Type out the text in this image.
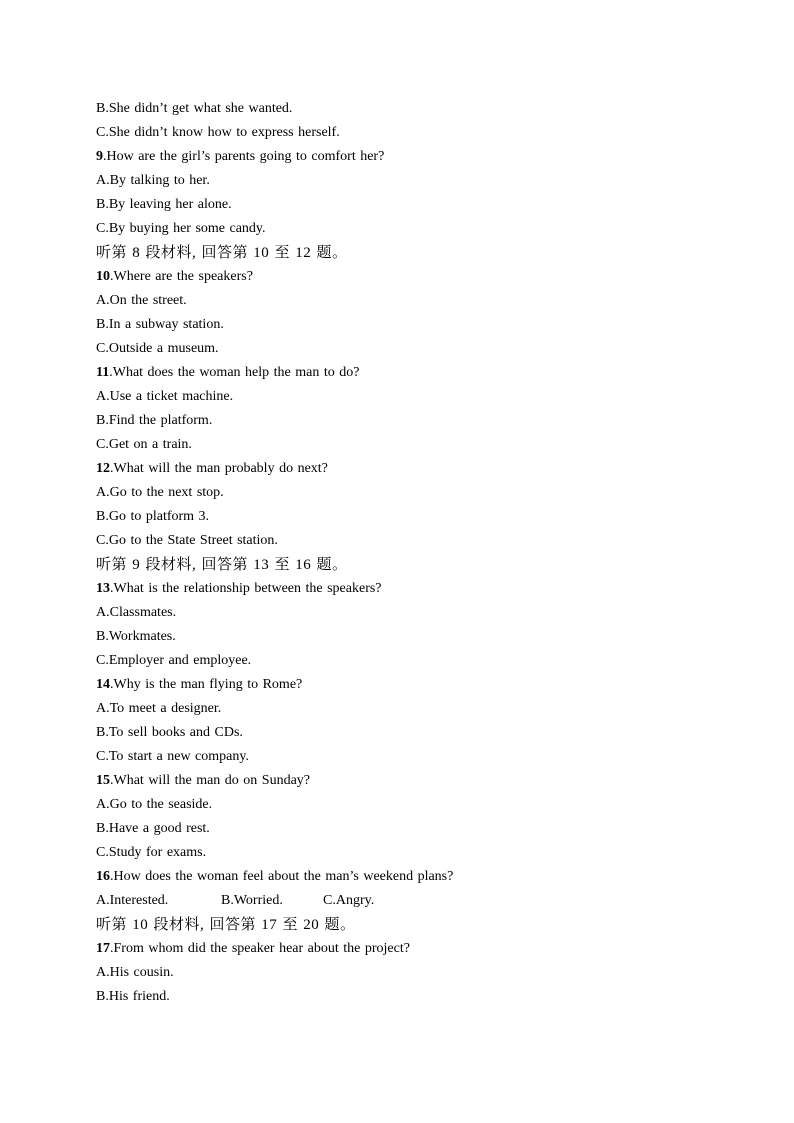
B.She didn’t get what she wanted.
C.She didn’t know how to express herself.
9.How are the girl’s parents going to comfort her?
A.By talking to her.
B.By leaving her alone.
C.By buying her some candy.
听第 8 段材料, 回答第 10 至 12 题。
10.Where are the speakers?
A.On the street.
B.In a subway station.
C.Outside a museum.
11.What does the woman help the man to do?
A.Use a ticket machine.
B.Find the platform.
C.Get on a train.
12.What will the man probably do next?
A.Go to the next stop.
B.Go to platform 3.
C.Go to the State Street station.
听第 9 段材料, 回答第 13 至 16 题。
13.What is the relationship between the speakers?
A.Classmates.
B.Workmates.
C.Employer and employee.
14.Why is the man flying to Rome?
A.To meet a designer.
B.To sell books and CDs.
C.To start a new company.
15.What will the man do on Sunday?
A.Go to the seaside.
B.Have a good rest.
C.Study for exams.
16.How does the woman feel about the man’s weekend plans?
A.Interested.	B.Worried.	C.Angry.
听第 10 段材料, 回答第 17 至 20 题。
17.From whom did the speaker hear about the project?
A.His cousin.
B.His friend.
